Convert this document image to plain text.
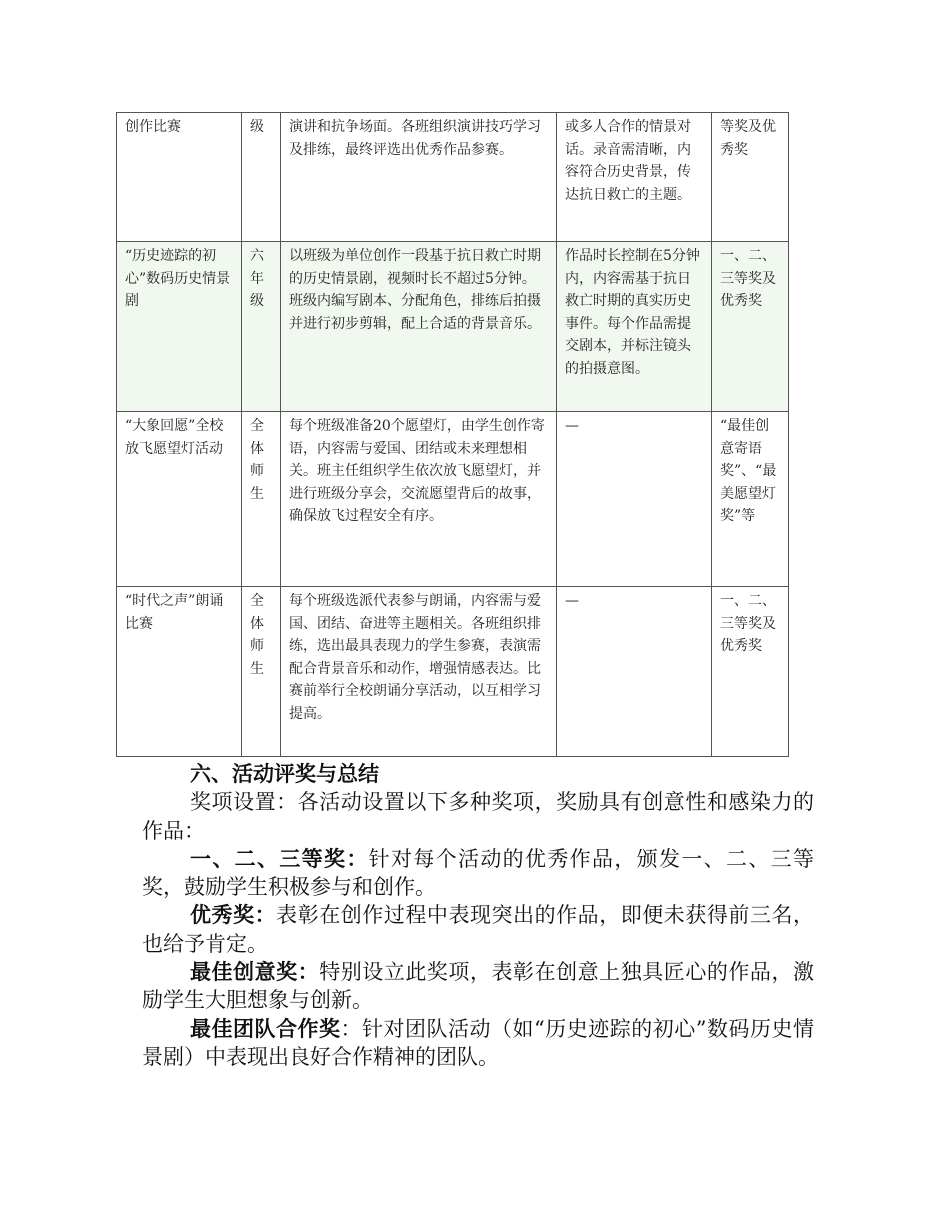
创作比赛	级	演讲和抗争场面。各班组织演讲技巧学习及排练，最终评选出优秀作品参赛。	或多人合作的情景对话。录音需清晰，内容符合历史背景，传达抗日救亡的主题。	等奖及优秀奖
“历史迹踪的初心”数码历史情景剧	六年级	以班级为单位创作一段基于抗日救亡时期的历史情景剧，视频时长不超过5分钟。班级内编写剧本、分配角色，排练后拍摄并进行初步剪辑，配上合适的背景音乐。	作品时长控制在5分钟内，内容需基于抗日救亡时期的真实历史事件。每个作品需提交剧本，并标注镜头的拍摄意图。	一、二、三等奖及优秀奖
“大象回愿”全校放飞愿望灯活动	全体师生	每个班级准备20个愿望灯，由学生创作寄语，内容需与爱国、团结或未来理想相关。班主任组织学生依次放飞愿望灯，并进行班级分享会，交流愿望背后的故事，确保放飞过程安全有序。	—	“最佳创意寄语奖”、“最美愿望灯奖”等
“时代之声”朗诵比赛	全体师生	每个班级选派代表参与朗诵，内容需与爱国、团结、奋进等主题相关。各班组织排练，选出最具表现力的学生参赛，表演需配合背景音乐和动作，增强情感表达。比赛前举行全校朗诵分享活动，以互相学习提高。	—	一、二、三等奖及优秀奖
六、活动评奖与总结

奖项设置：各活动设置以下多种奖项，奖励具有创意性和感染力的作品：

一、二、三等奖：针对每个活动的优秀作品，颁发一、二、三等奖，鼓励学生积极参与和创作。

优秀奖：表彰在创作过程中表现突出的作品，即便未获得前三名，也给予肯定。

最佳创意奖：特别设立此奖项，表彰在创意上独具匠心的作品，激励学生大胆想象与创新。

最佳团队合作奖：针对团队活动（如“历史迹踪的初心”数码历史情景剧）中表现出良好合作精神的团队。
